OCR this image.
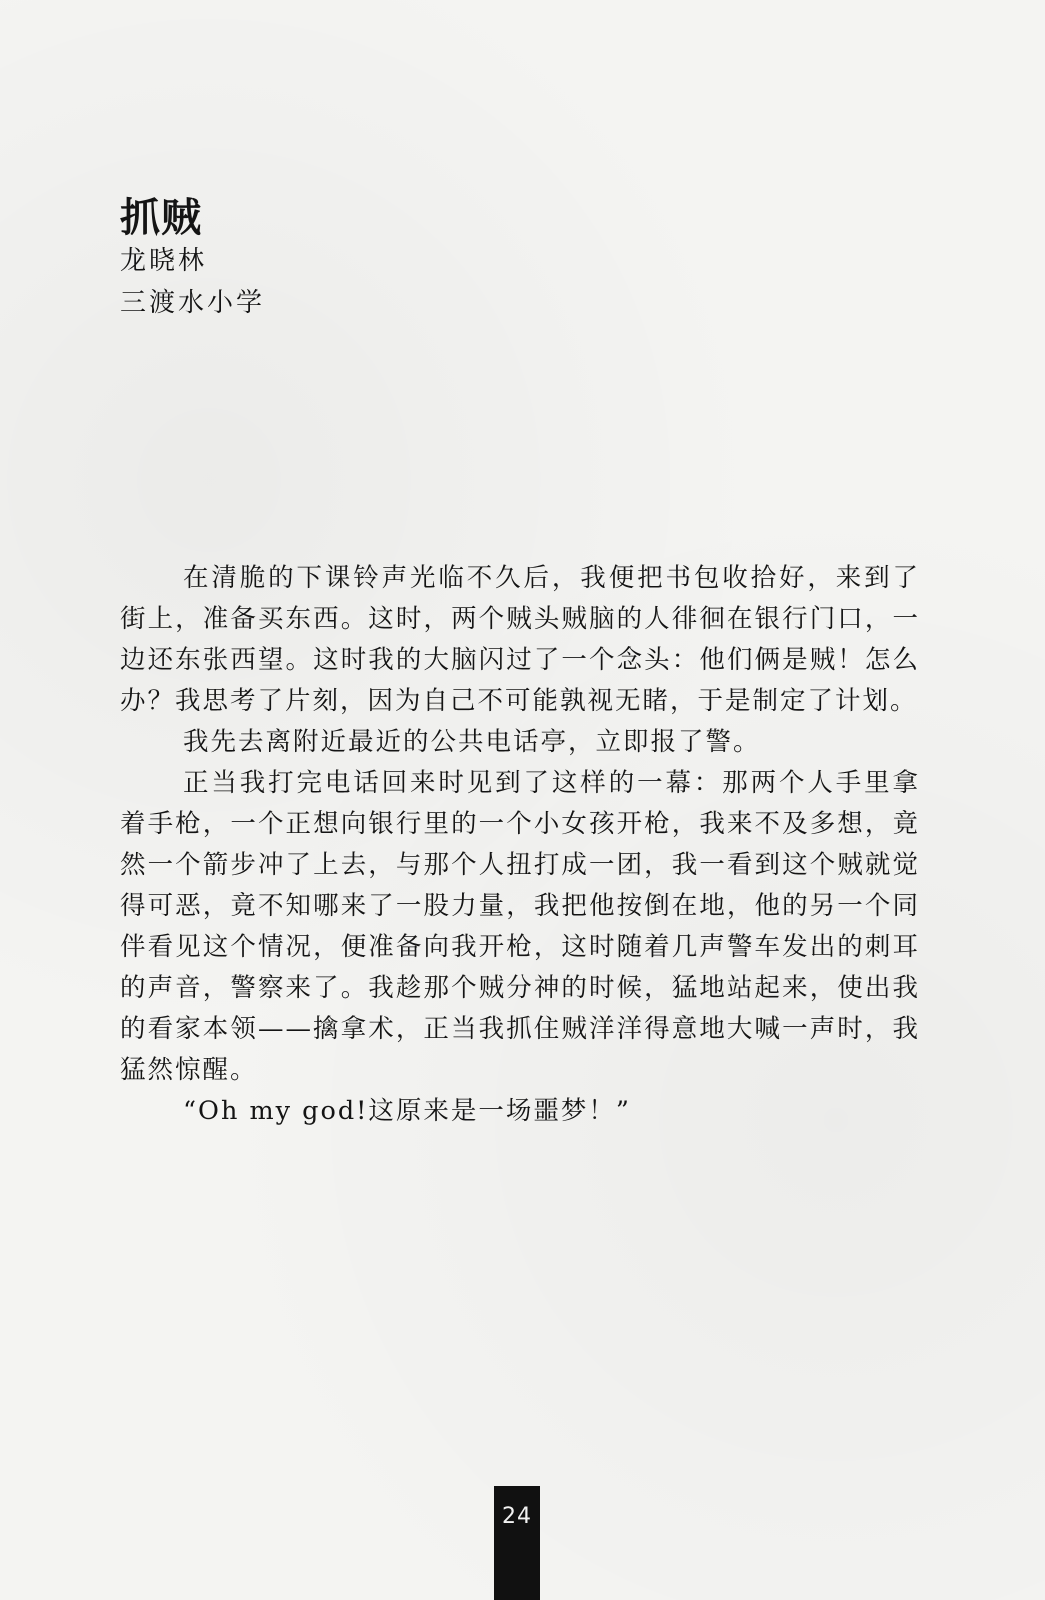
抓贼
龙晓林
三渡水小学

在清脆的下课铃声光临不久后，我便把书包收拾好，来到了街上，准备买东西。这时，两个贼头贼脑的人徘徊在银行门口，一边还东张西望。这时我的大脑闪过了一个念头：他们俩是贼！怎么办？我思考了片刻，因为自己不可能孰视无睹，于是制定了计划。

我先去离附近最近的公共电话亭，立即报了警。

正当我打完电话回来时见到了这样的一幕：那两个人手里拿着手枪，一个正想向银行里的一个小女孩开枪，我来不及多想，竟然一个箭步冲了上去，与那个人扭打成一团，我一看到这个贼就觉得可恶，竟不知哪来了一股力量，我把他按倒在地，他的另一个同伴看见这个情况，便准备向我开枪，这时随着几声警车发出的刺耳的声音，警察来了。我趁那个贼分神的时候，猛地站起来，使出我的看家本领——擒拿术，正当我抓住贼洋洋得意地大喊一声时，我猛然惊醒。

“Oh my god!这原来是一场噩梦！”

24
